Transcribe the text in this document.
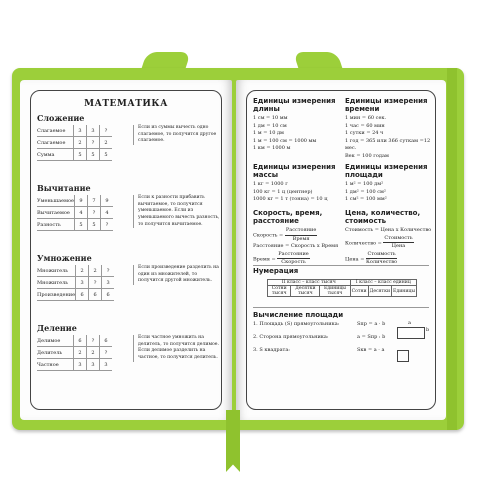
МАТЕМАТИКА
Сложение
Слагаемое	3	3	?
Слагаемое	2	?	2
Сумма	5	5	5
Если из суммы вычесть одно слагаемое, то получится другое слагаемое.
Вычитание
Уменьшаемое	9	7	9
Вычитаемое	4	?	4
Разность	5	5	?
Если к разности прибавить вычитаемое, то получится уменьшаемое. Если из уменьшаемого вычесть разность, то получится вычитаемое.
Умножение
Множитель	2	2	?
Множитель	3	?	3
Произведение	6	6	6
Если произведение разделить на один из множителей, то получится другой множитель.
Деление
Делимое	6	?	6
Делитель	2	2	?
Частное	3	3	3
Если частное умножить на делитель, то получится делимое. Если делимое разделить на частное, то получится делитель.
Единицы измерения длины
1 см = 10 мм
1 дм = 10 см
1 м = 10 дм
1 м = 100 см = 1000 мм
1 км = 1000 м
Единицы измерения времени
1 мин = 60 сек.
1 час = 60 мин
1 сутки = 24 ч
1 год = 365 или 366 суткам =12 мес.
Век = 100 годам
Единицы измерения массы
1 кг = 1000 г
100 кг = 1 ц (центнер)
1000 кг = 1 т (тонна) = 10 ц
Единицы измерения площади
1 м² = 100 дм²
1 дм² = 100 см²
1 см² = 100 мм²
Скорость, время, расстояние
Скорость = $\frac{\text{Расстояние}}{\text{Время}}$
Расстояние = Скорость х Время
Время = $\frac{\text{Расстояние}}{\text{Скорость}}$
Цена, количество, стоимость
Стоимость = Цена х Количество
Количество = $\frac{\text{Стоимость}}{\text{Цена}}$
Цена = $\frac{\text{Стоимость}}{\text{Количество}}$
Нумерация
II класс – класс тысяч			I класс – класс единиц		
Сотни тысяч	Десятки тысяч	Единицы тысяч	Сотни	Десятки	Единицы
Вычисление площади
1. Площадь (S) прямоугольника:	Sпр = a · b
2. Сторона прямоугольника:	a = Sпр : b
3. S квадрата:	Sкв = a · a
a
b
